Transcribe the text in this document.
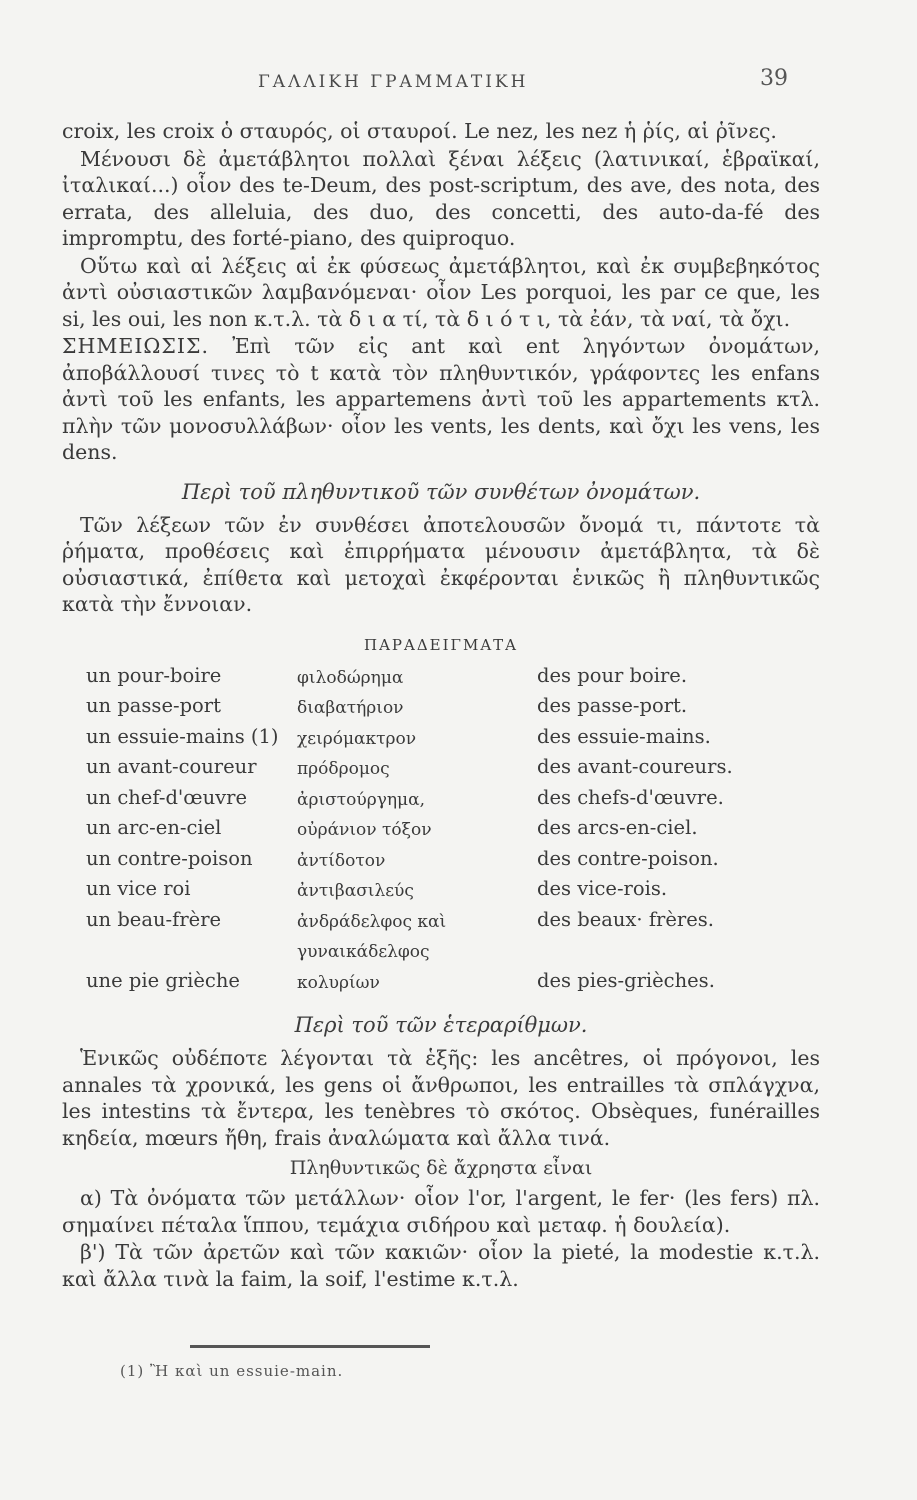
ΓΑΛΛΙΚΗ ΓΡΑΜΜΑΤΙΚΗ	39

croix, les croix ὁ σταυρός, οἱ σταυροί. Le nez, les nez ἡ ῥίς, αἱ ῥῖνες.

Μένουσι δὲ ἀμετάβλητοι πολλαὶ ξέναι λέξεις (λατινικαί, ἑβραϊκαί, ἰταλικαί...) οἷον des te-Deum, des post-scriptum, des ave, des nota, des errata, des alleluia, des duo, des concetti, des auto-da-fé des impromptu, des forté-piano, des quiproquo.

Οὕτω καὶ αἱ λέξεις αἱ ἐκ φύσεως ἀμετάβλητοι, καὶ ἐκ συμβεβηκότος ἀντὶ οὐσιαστικῶν λαμβανόμεναι· οἷον Les porquoi, les par ce que, les si, les oui, les non κ.τ.λ. τὰ δ ι α τί, τὰ δ ι ό τ ι, τὰ ἐάν, τὰ ναί, τὰ ὄχι.

ΣΗΜΕΙΩΣΙΣ. Ἐπὶ τῶν εἰς ant καὶ ent ληγόντων ὀνομάτων, ἀποβάλλουσί τινες τὸ t κατὰ τὸν πληθυντικόν, γράφοντες les enfans ἀντὶ τοῦ les enfants, les appartemens ἀντὶ τοῦ les appartements κτλ. πλὴν τῶν μονοσυλλάβων· οἷον les vents, les dents, καὶ ὄχι les vens, les dens.

Περὶ τοῦ πληθυντικοῦ τῶν συνθέτων ὀνομάτων.

Τῶν λέξεων τῶν ἐν συνθέσει ἀποτελουσῶν ὄνομά τι, πάντοτε τὰ ῥήματα, προθέσεις καὶ ἐπιρρήματα μένουσιν ἀμετάβλητα, τὰ δὲ οὐσιαστικά, ἐπίθετα καὶ μετοχαὶ ἐκφέρονται ἑνικῶς ἢ πληθυντικῶς κατὰ τὴν ἔννοιαν.

ΠΑΡΑΔΕΙΓΜΑΤΑ
un pour-boire	φιλοδώρημα	des pour boire.
un passe-port	διαβατήριον	des passe-port.
un essuie-mains (1)	χειρόμακτρον	des essuie-mains.
un avant-coureur	πρόδρομος	des avant-coureurs.
un chef-d'œuvre	ἀριστούργημα,	des chefs-d'œuvre.
un arc-en-ciel	οὐράνιον τόξον	des arcs-en-ciel.
un contre-poison	ἀντίδοτον	des contre-poison.
un vice roi	ἀντιβασιλεύς	des vice-rois.
un beau-frère	ἀνδράδελφος καὶ	des beaux· frères.
	γυναικάδελφος	
une pie grièche	κολυρίων	des pies-grièches.
Περὶ τοῦ τῶν ἑτεραρίθμων.

Ἑνικῶς οὐδέποτε λέγονται τὰ ἑξῆς: les ancêtres, οἱ πρόγονοι, les annales τὰ χρονικά, les gens οἱ ἄνθρωποι, les entrailles τὰ σπλάγχνα, les intestins τὰ ἔντερα, les tenèbres τὸ σκότος. Obsèques, funérailles κηδεία, mœurs ἤθη, frais ἀναλώματα καὶ ἄλλα τινά.

Πληθυντικῶς δὲ ἄχρηστα εἶναι

α) Τὰ ὀνόματα τῶν μετάλλων· οἷον l'or, l'argent, le fer· (les fers) πλ. σημαίνει πέταλα ἵππου, τεμάχια σιδήρου καὶ μεταφ. ἡ δουλεία).

β') Τὰ τῶν ἀρετῶν καὶ τῶν κακιῶν· οἷον la pieté, la modestie κ.τ.λ. καὶ ἄλλα τινὰ la faim, la soif, l'estime κ.τ.λ.

(1) Ἢ καὶ un essuie-main.
